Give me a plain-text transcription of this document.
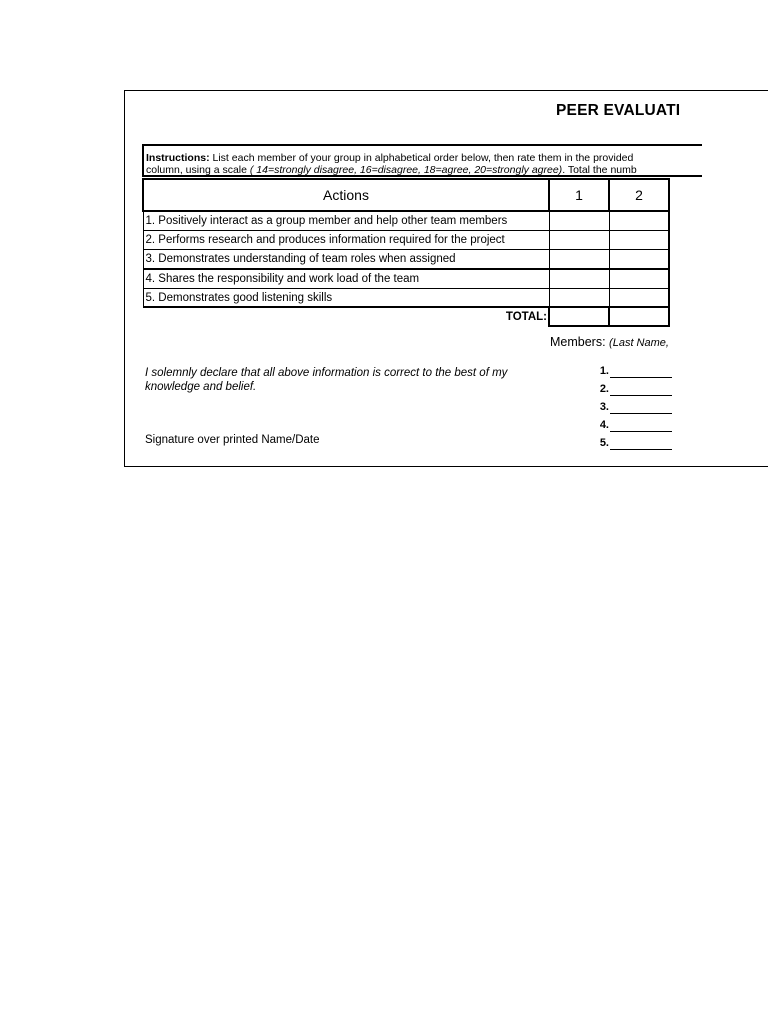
PEER EVALUATI
Instructions: List each member of your group in alphabetical order below, then rate them in the provided
column, using a scale ( 14=strongly disagree, 16=disagree, 18=agree, 20=strongly agree). Total the numb
Actions	1	2
1. Positively interact as a group member and help other team members		
2. Performs research and produces information required for the project		
3. Demonstrates understanding of team roles when assigned		
4. Shares the responsibility and work load of the team		
5. Demonstrates good listening skills		
TOTAL:		
Members: (Last Name,
I solemnly declare that all above information is correct to the best of my knowledge and belief.
Signature over printed Name/Date
1.
2.
3.
4.
5.
